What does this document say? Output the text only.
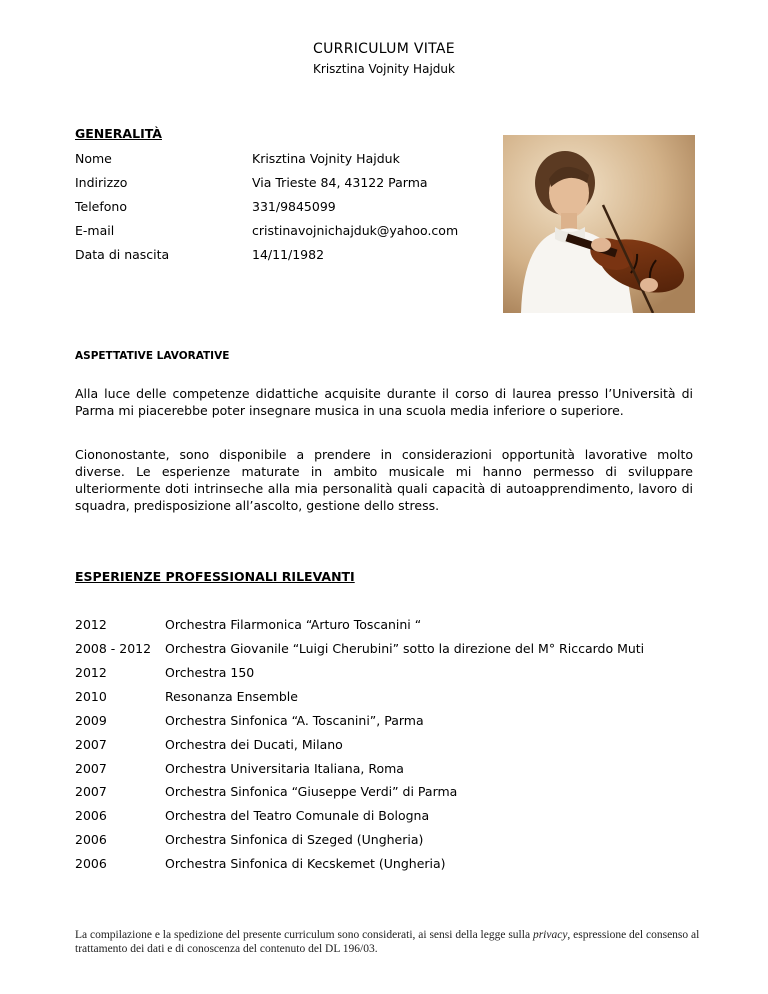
CURRICULUM VITAE
Krisztina Vojnity Hajduk
GENERALITÀ
Nome	Krisztina Vojnity Hajduk
Indirizzo	Via Trieste 84, 43122 Parma
Telefono	331/9845099
E-mail	cristinavojnichajduk@yahoo.com
Data di nascita	14/11/1982
ASPETTATIVE LAVORATIVE
Alla luce delle competenze didattiche acquisite durante il corso di laurea presso l’Università di Parma mi piacerebbe poter insegnare musica in una scuola media inferiore o superiore.
Ciononostante, sono disponibile a prendere in considerazioni opportunità lavorative molto diverse. Le esperienze maturate in ambito musicale mi hanno permesso di sviluppare ulteriormente doti intrinseche alla mia personalità quali capacità di autoapprendimento, lavoro di squadra, predisposizione all’ascolto, gestione dello stress.
ESPERIENZE PROFESSIONALI RILEVANTI
2012	Orchestra Filarmonica “Arturo Toscanini “
2008 - 2012 Orchestra Giovanile “Luigi Cherubini” sotto la direzione del M° Riccardo Muti
2012	Orchestra 150
2010	Resonanza Ensemble
2009	Orchestra Sinfonica “A. Toscanini”, Parma
2007	Orchestra dei Ducati, Milano
2007	Orchestra Universitaria Italiana, Roma
2007	Orchestra Sinfonica “Giuseppe Verdi” di Parma
2006	Orchestra del Teatro Comunale di Bologna
2006	Orchestra Sinfonica di Szeged (Ungheria)
2006	Orchestra Sinfonica di Kecskemet (Ungheria)
La compilazione e la spedizione del presente curriculum sono considerati, ai sensi della legge sulla privacy, espressione del consenso al trattamento dei dati e di conoscenza del contenuto del DL 196/03.
